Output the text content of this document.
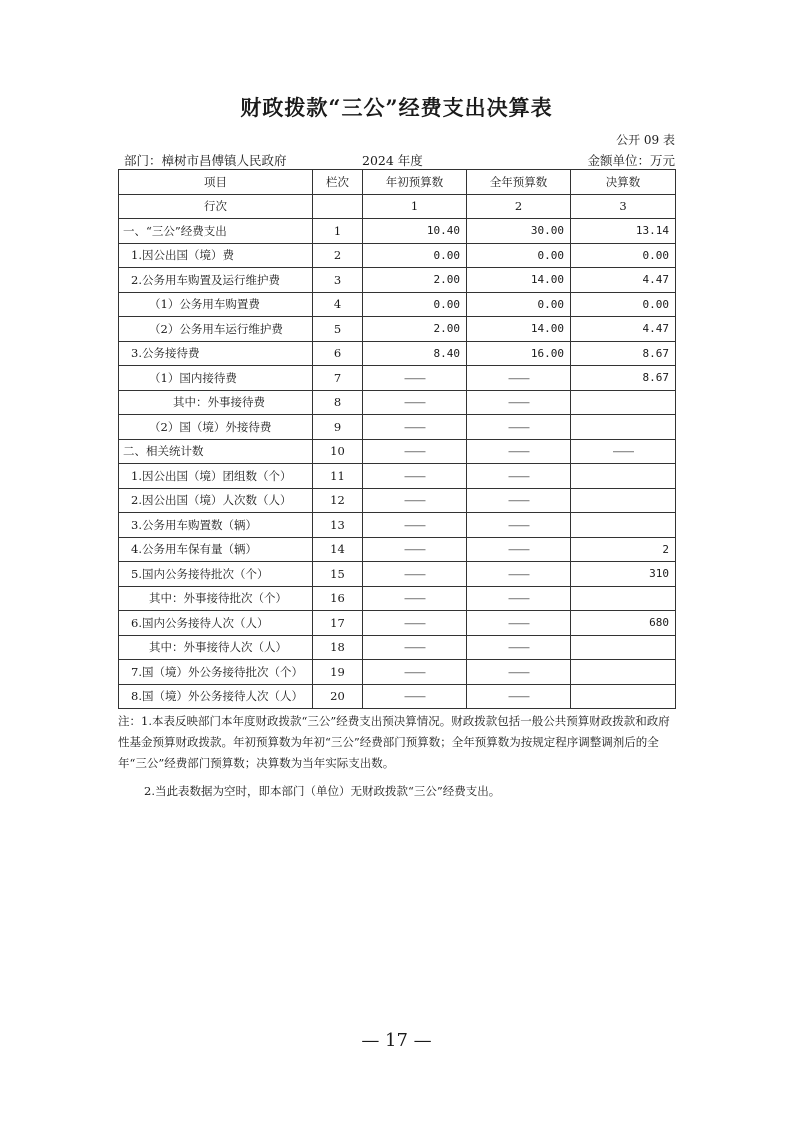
财政拨款“三公”经费支出决算表
公开 09 表
部门：樟树市昌傅镇人民政府	2024 年度	金额单位：万元
项目	栏次	年初预算数	全年预算数	决算数
行次		1	2	3
一、“三公”经费支出	1	10.40	30.00	13.14
1.因公出国（境）费	2	0.00	0.00	0.00
2.公务用车购置及运行维护费	3	2.00	14.00	4.47
（1）公务用车购置费	4	0.00	0.00	0.00
（2）公务用车运行维护费	5	2.00	14.00	4.47
3.公务接待费	6	8.40	16.00	8.67
（1）国内接待费	7	——	——	8.67
其中：外事接待费	8	——	——	
（2）国（境）外接待费	9	——	——	
二、相关统计数	10	——	——	——
1.因公出国（境）团组数（个）	11	——	——	
2.因公出国（境）人次数（人）	12	——	——	
3.公务用车购置数（辆）	13	——	——	
4.公务用车保有量（辆）	14	——	——	2
5.国内公务接待批次（个）	15	——	——	310
其中：外事接待批次（个）	16	——	——	
6.国内公务接待人次（人）	17	——	——	680
其中：外事接待人次（人）	18	——	——	
7.国（境）外公务接待批次（个）	19	——	——	
8.国（境）外公务接待人次（人）	20	——	——	
注：1.本表反映部门本年度财政拨款“三公”经费支出预决算情况。财政拨款包括一般公共预算财政拨款和政府性基金预算财政拨款。年初预算数为年初“三公”经费部门预算数；全年预算数为按规定程序调整调剂后的全年“三公”经费部门预算数；决算数为当年实际支出数。
2.当此表数据为空时，即本部门（单位）无财政拨款“三公”经费支出。
— 17 —
